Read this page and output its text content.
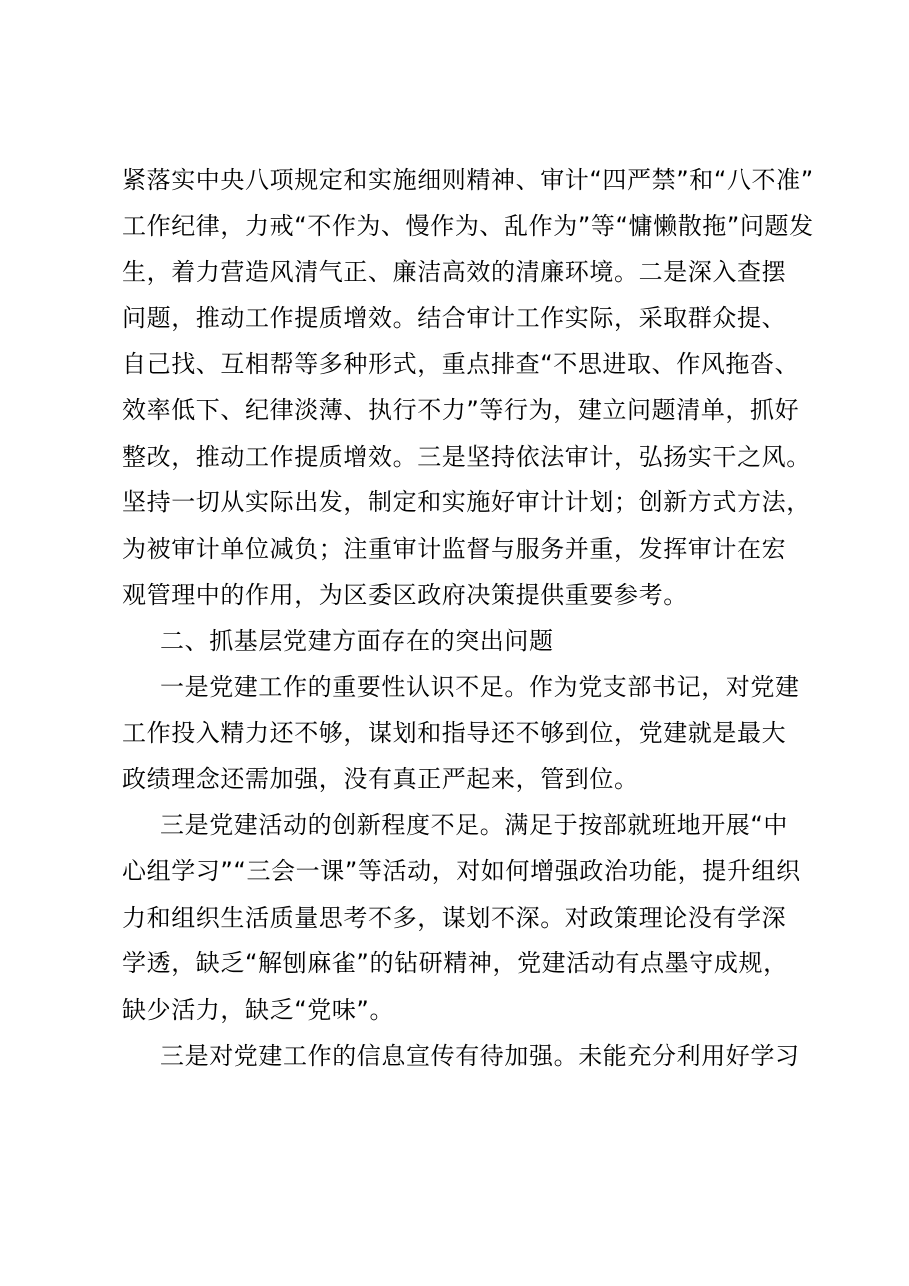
紧落实中央八项规定和实施细则精神、审计“四严禁”和“八不准”
工作纪律，力戒“不作为、慢作为、乱作为”等“慵懒散拖”问题发
生，着力营造风清气正、廉洁高效的清廉环境。二是深入查摆
问题，推动工作提质增效。结合审计工作实际，采取群众提、
自己找、互相帮等多种形式，重点排查“不思进取、作风拖沓、
效率低下、纪律淡薄、执行不力”等行为，建立问题清单，抓好
整改，推动工作提质增效。三是坚持依法审计，弘扬实干之风。
坚持一切从实际出发，制定和实施好审计计划；创新方式方法，
为被审计单位减负；注重审计监督与服务并重，发挥审计在宏
观管理中的作用，为区委区政府决策提供重要参考。
二、抓基层党建方面存在的突出问题
一是党建工作的重要性认识不足。作为党支部书记，对党建
工作投入精力还不够，谋划和指导还不够到位，党建就是最大
政绩理念还需加强，没有真正严起来，管到位。
三是党建活动的创新程度不足。满足于按部就班地开展“中
心组学习”“三会一课”等活动，对如何增强政治功能，提升组织
力和组织生活质量思考不多，谋划不深。对政策理论没有学深
学透，缺乏“解刨麻雀”的钻研精神，党建活动有点墨守成规，
缺少活力，缺乏“党味”。
三是对党建工作的信息宣传有待加强。未能充分利用好学习
